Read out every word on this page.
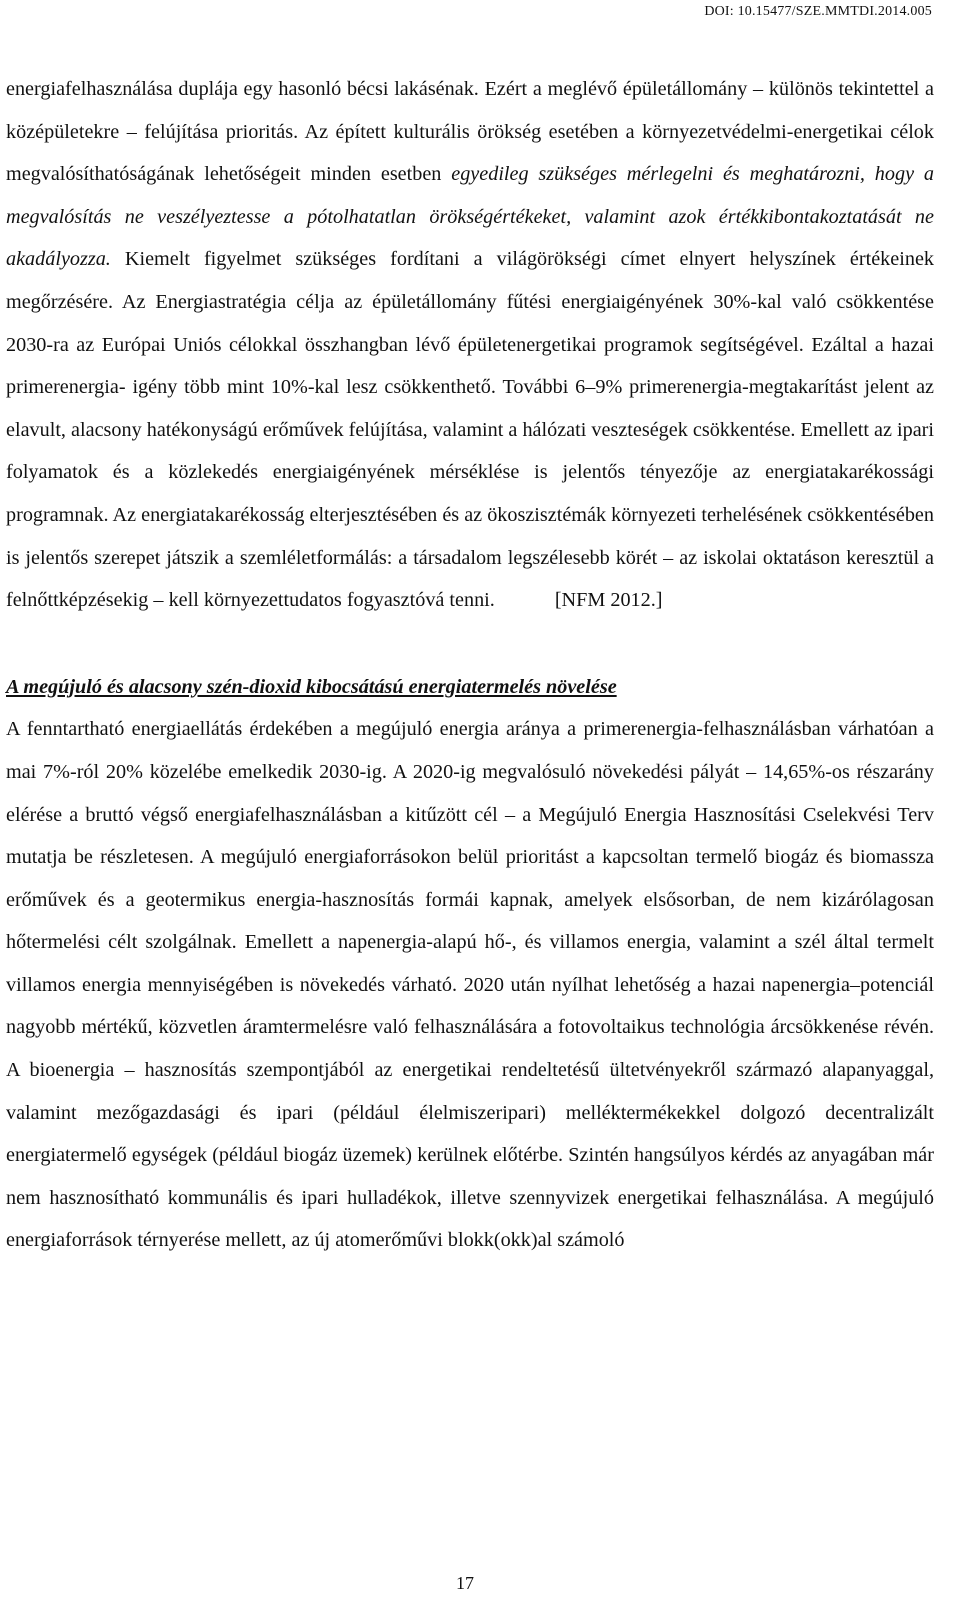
DOI: 10.15477/SZE.MMTDI.2014.005

energiafelhasználása duplája egy hasonló bécsi lakásénak. Ezért a meglévő épületállomány – különös tekintettel a középületekre – felújítása prioritás. Az épített kulturális örökség esetében a környezetvédelmi-energetikai célok megvalósíthatóságának lehetőségeit minden esetben egyedileg szükséges mérlegelni és meghatározni, hogy a megvalósítás ne veszélyeztesse a pótolhatatlan örökségértékeket, valamint azok értékkibontakoztatását ne akadályozza. Kiemelt figyelmet szükséges fordítani a világörökségi címet elnyert helyszínek értékeinek megőrzésére. Az Energiastratégia célja az épületállomány fűtési energiaigényének 30%-kal való csökkentése 2030-ra az Európai Uniós célokkal összhangban lévő épületenergetikai programok segítségével. Ezáltal a hazai primerenergia- igény több mint 10%-kal lesz csökkenthető. További 6–9% primerenergia-megtakarítást jelent az elavult, alacsony hatékonyságú erőművek felújítása, valamint a hálózati veszteségek csökkentése. Emellett az ipari folyamatok és a közlekedés energiaigényének mérséklése is jelentős tényezője az energiatakarékossági programnak. Az energiatakarékosság elterjesztésében és az ökoszisztémák környezeti terhelésének csökkentésében is jelentős szerepet játszik a szemléletformálás: a társadalom legszélesebb körét – az iskolai oktatáson keresztül a felnőttképzésekig – kell környezettudatos fogyasztóvá tenni.	[NFM 2012.]

A megújuló és alacsony szén-dioxid kibocsátású energiatermelés növelése

A fenntartható energiaellátás érdekében a megújuló energia aránya a primerenergia-felhasználásban várhatóan a mai 7%-ról 20% közelébe emelkedik 2030-ig. A 2020-ig megvalósuló növekedési pályát – 14,65%-os részarány elérése a bruttó végső energiafelhasználásban a kitűzött cél – a Megújuló Energia Hasznosítási Cselekvési Terv mutatja be részletesen. A megújuló energiaforrásokon belül prioritást a kapcsoltan termelő biogáz és biomassza erőművek és a geotermikus energia-hasznosítás formái kapnak, amelyek elsősorban, de nem kizárólagosan hőtermelési célt szolgálnak. Emellett a napenergia-alapú hő-, és villamos energia, valamint a szél által termelt villamos energia mennyiségében is növekedés várható. 2020 után nyílhat lehetőség a hazai napenergia–potenciál nagyobb mértékű, közvetlen áramtermelésre való felhasználására a fotovoltaikus technológia árcsökkenése révén. A bioenergia – hasznosítás szempontjából az energetikai rendeltetésű ültetvényekről származó alapanyaggal, valamint mezőgazdasági és ipari (például élelmiszeripari) melléktermékekkel dolgozó decentralizált energiatermelő egységek (például biogáz üzemek) kerülnek előtérbe. Szintén hangsúlyos kérdés az anyagában már nem hasznosítható kommunális és ipari hulladékok, illetve szennyvizek energetikai felhasználása. A megújuló energiaforrások térnyerése mellett, az új atomerőművi blokk(okk)al számoló

17
